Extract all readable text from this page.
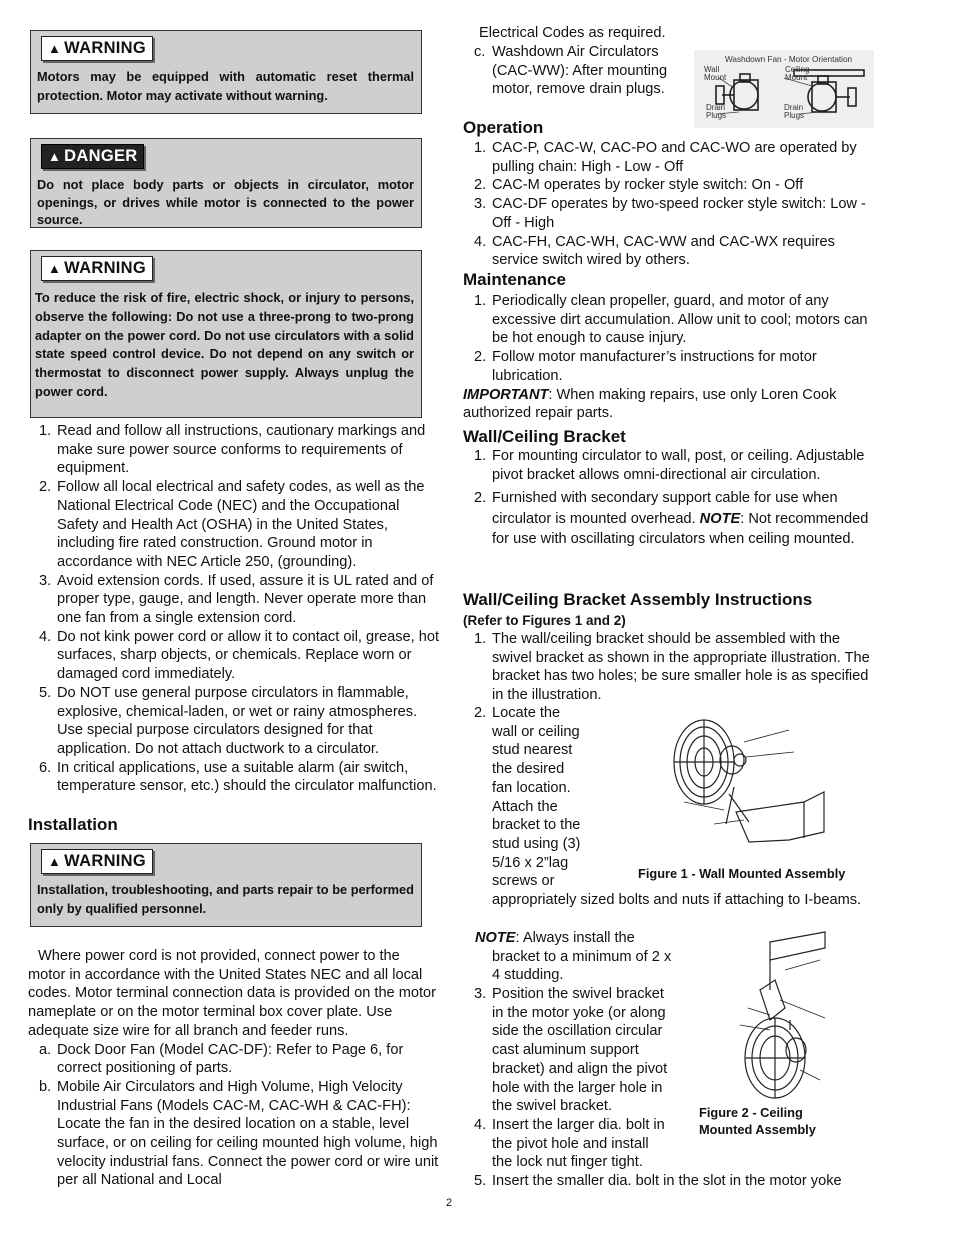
▲ WARNING
Motors may be equipped with automatic reset thermal protection. Motor may activate without warning.
▲ DANGER
Do not place body parts or objects in circulator, motor openings, or drives while motor is connected to the power source.
▲ WARNING
To reduce the risk of fire, electric shock, or injury to persons, observe the following: Do not use a three-prong to two-prong adapter on the power cord. Do not use circulators with a solid state speed control device. Do not depend on any switch or thermostat to disconnect power supply. Always unplug the power cord.
1. Read and follow all instructions, cautionary markings and make sure power source conforms to requirements of equipment.
2. Follow all local electrical and safety codes, as well as the National Electrical Code (NEC) and the Occupational Safety and Health Act (OSHA) in the United States, including fire rated construction. Ground motor in accordance with NEC Article 250, (grounding).
3. Avoid extension cords. If used, assure it is UL rated and of proper type, gauge, and length. Never operate more than one fan from a single extension cord.
4. Do not kink power cord or allow it to contact oil, grease, hot surfaces, sharp objects, or chemicals. Replace worn or damaged cord immediately.
5. Do NOT use general purpose circulators in flammable, explosive, chemical-laden, or wet or rainy atmospheres. Use special purpose circulators designed for that application. Do not attach ductwork to a circulator.
6. In critical applications, use a suitable alarm (air switch, temperature sensor, etc.) should the circulator malfunction.
Installation
▲ WARNING
Installation, troubleshooting, and parts repair to be performed only by qualified personnel.

Where power cord is not provided, connect power to the motor in accordance with the United States NEC and all local codes. Motor terminal connection data is provided on the motor nameplate or on the motor terminal box cover plate. Use adequate size wire for all branch and feeder runs.

a. Dock Door Fan (Model CAC-DF): Refer to Page 6, for correct positioning of parts.
b. Mobile Air Circulators and High Volume, High Velocity Industrial Fans (Models CAC-M, CAC-WH & CAC-FH): Locate the fan in the desired location on a stable, level surface, or on ceiling for ceiling mounted high volume, high velocity industrial fans. Connect the power cord or wire unit per all National and Local
Electrical Codes as required.
c. Washdown Air Circulators (CAC-WW): After mounting motor, remove drain plugs.
Washdown Fan - Motor Orientation
Wall Mount
Ceiling Mount
Drain Plugs
Drain Plugs
Operation
1. CAC-P, CAC-W, CAC-PO and CAC-WO are operated by pulling chain: High - Low - Off
2. CAC-M operates by rocker style switch: On - Off
3. CAC-DF operates by two-speed rocker style switch: Low - Off - High
4. CAC-FH, CAC-WH, CAC-WW and CAC-WX requires service switch wired by others.
Maintenance
1. Periodically clean propeller, guard, and motor of any excessive dirt accumulation. Allow unit to cool; motors can be hot enough to cause injury.
2. Follow motor manufacturer’s instructions for motor lubrication.

IMPORTANT: When making repairs, use only Loren Cook authorized repair parts.

Wall/Ceiling Bracket
1. For mounting circulator to wall, post, or ceiling. Adjustable pivot bracket allows omni-directional air circulation.
2. Furnished with secondary support cable for use when circulator is mounted overhead. NOTE: Not recommended for use with oscillating circulators when ceiling mounted.
Wall/Ceiling Bracket Assembly Instructions
(Refer to Figures 1 and 2)
1. The wall/ceiling bracket should be assembled with the swivel bracket as shown in the appropriate illustration. The bracket has two holes; be sure smaller hole is as specified in the illustration.
2. Locate the
wall or ceiling
stud nearest
the desired
fan location.
Attach the
bracket to the
stud using (3)
5/16 x 2”lag
screws or
appropriately sized bolts and nuts if attaching to I-beams.
Figure 1 - Wall Mounted Assembly
NOTE: Always install the
bracket to a minimum of 2 x
4 studding.
3. Position the swivel bracket
in the motor yoke (or along
side the oscillation circular
cast aluminum support
bracket) and align the pivot
hole with the larger hole in
the swivel bracket.	Figure 2 - Ceiling
Mounted Assembly
4. Insert the larger dia. bolt in
the pivot hole and install
the lock nut finger tight.
5. Insert the smaller dia. bolt in the slot in the motor yoke
2
